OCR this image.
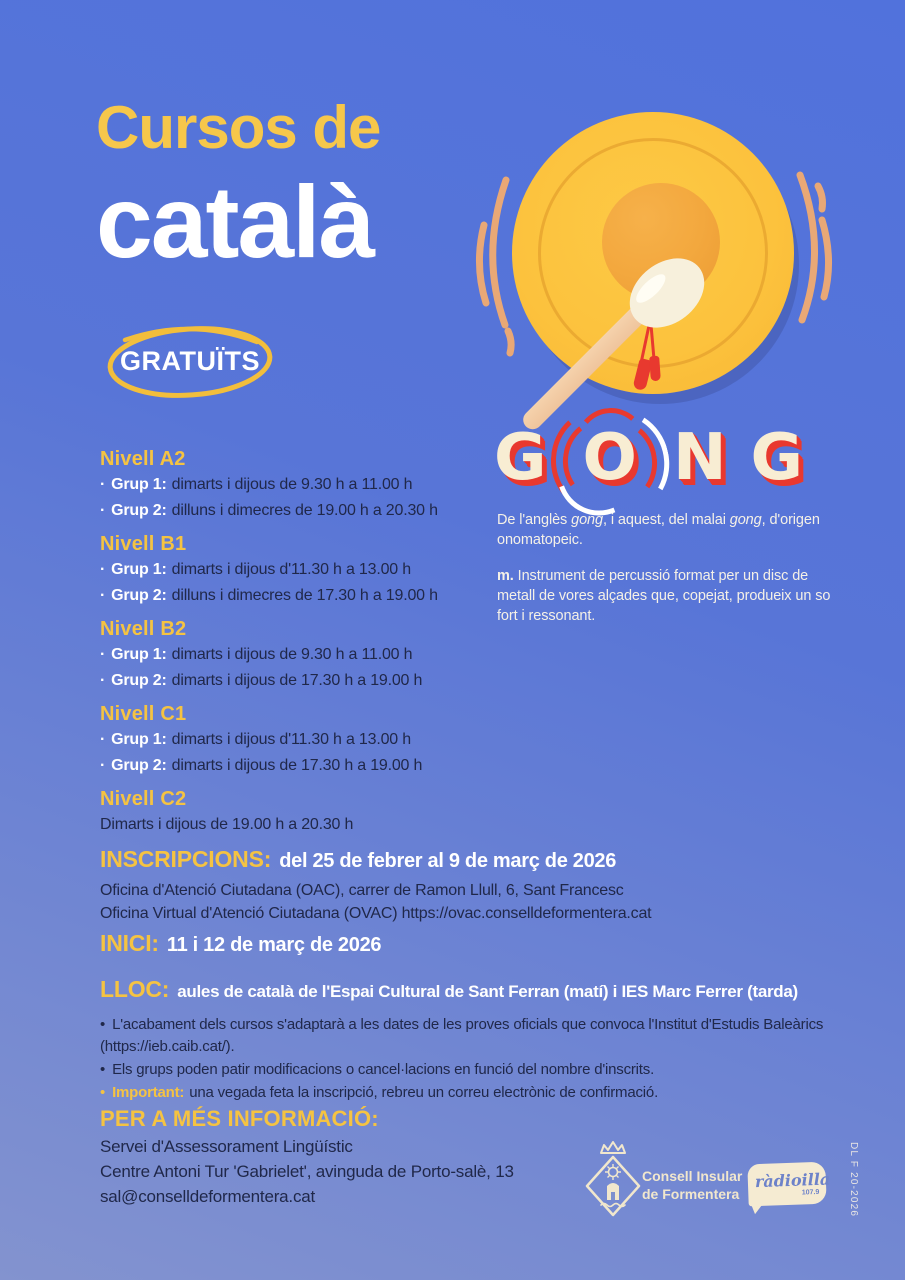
Cursos de
català
GRATUÏTS
G O N G

De l'anglès gong, i aquest, del malai gong, d'origen onomatopeic.

m. Instrument de percussió format per un disc de metall de vores alçades que, copejat, produeix un so fort i ressonant.

Nivell A2
· Grup 1: dimarts i dijous de 9.30 h a 11.00 h
· Grup 2: dilluns i dimecres de 19.00 h a 20.30 h
Nivell B1
· Grup 1: dimarts i dijous d'11.30 h a 13.00 h
· Grup 2: dilluns i dimecres de 17.30 h a 19.00 h
Nivell B2
· Grup 1: dimarts i dijous de 9.30 h a 11.00 h
· Grup 2: dimarts i dijous de 17.30 h a 19.00 h
Nivell C1
· Grup 1: dimarts i dijous d'11.30 h a 13.00 h
· Grup 2: dimarts i dijous de 17.30 h a 19.00 h
Nivell C2
Dimarts i dijous de 19.00 h a 20.30 h
INSCRIPCIONS: del 25 de febrer al 9 de març de 2026
Oficina d'Atenció Ciutadana (OAC), carrer de Ramon Llull, 6, Sant Francesc
Oficina Virtual d'Atenció Ciutadana (OVAC) https://ovac.conselldeformentera.cat
INICI: 11 i 12 de març de 2026
LLOC: aules de català de l'Espai Cultural de Sant Ferran (matí) i IES Marc Ferrer (tarda)

• L'acabament dels cursos s'adaptarà a les dates de les proves oficials que convoca l'Institut d'Estudis Baleàrics (https://ieb.caib.cat/).

• Els grups poden patir modificacions o cancel·lacions en funció del nombre d'inscrits.

• Important: una vegada feta la inscripció, rebreu un correu electrònic de confirmació.

PER A MÉS INFORMACIÓ:
Servei d'Assessorament Lingüístic
Centre Antoni Tur 'Gabrielet', avinguda de Porto-salè, 13
sal@conselldeformentera.cat
Consell Insular
de Formentera
ràdioilla
107.9	DL F 20-2026
